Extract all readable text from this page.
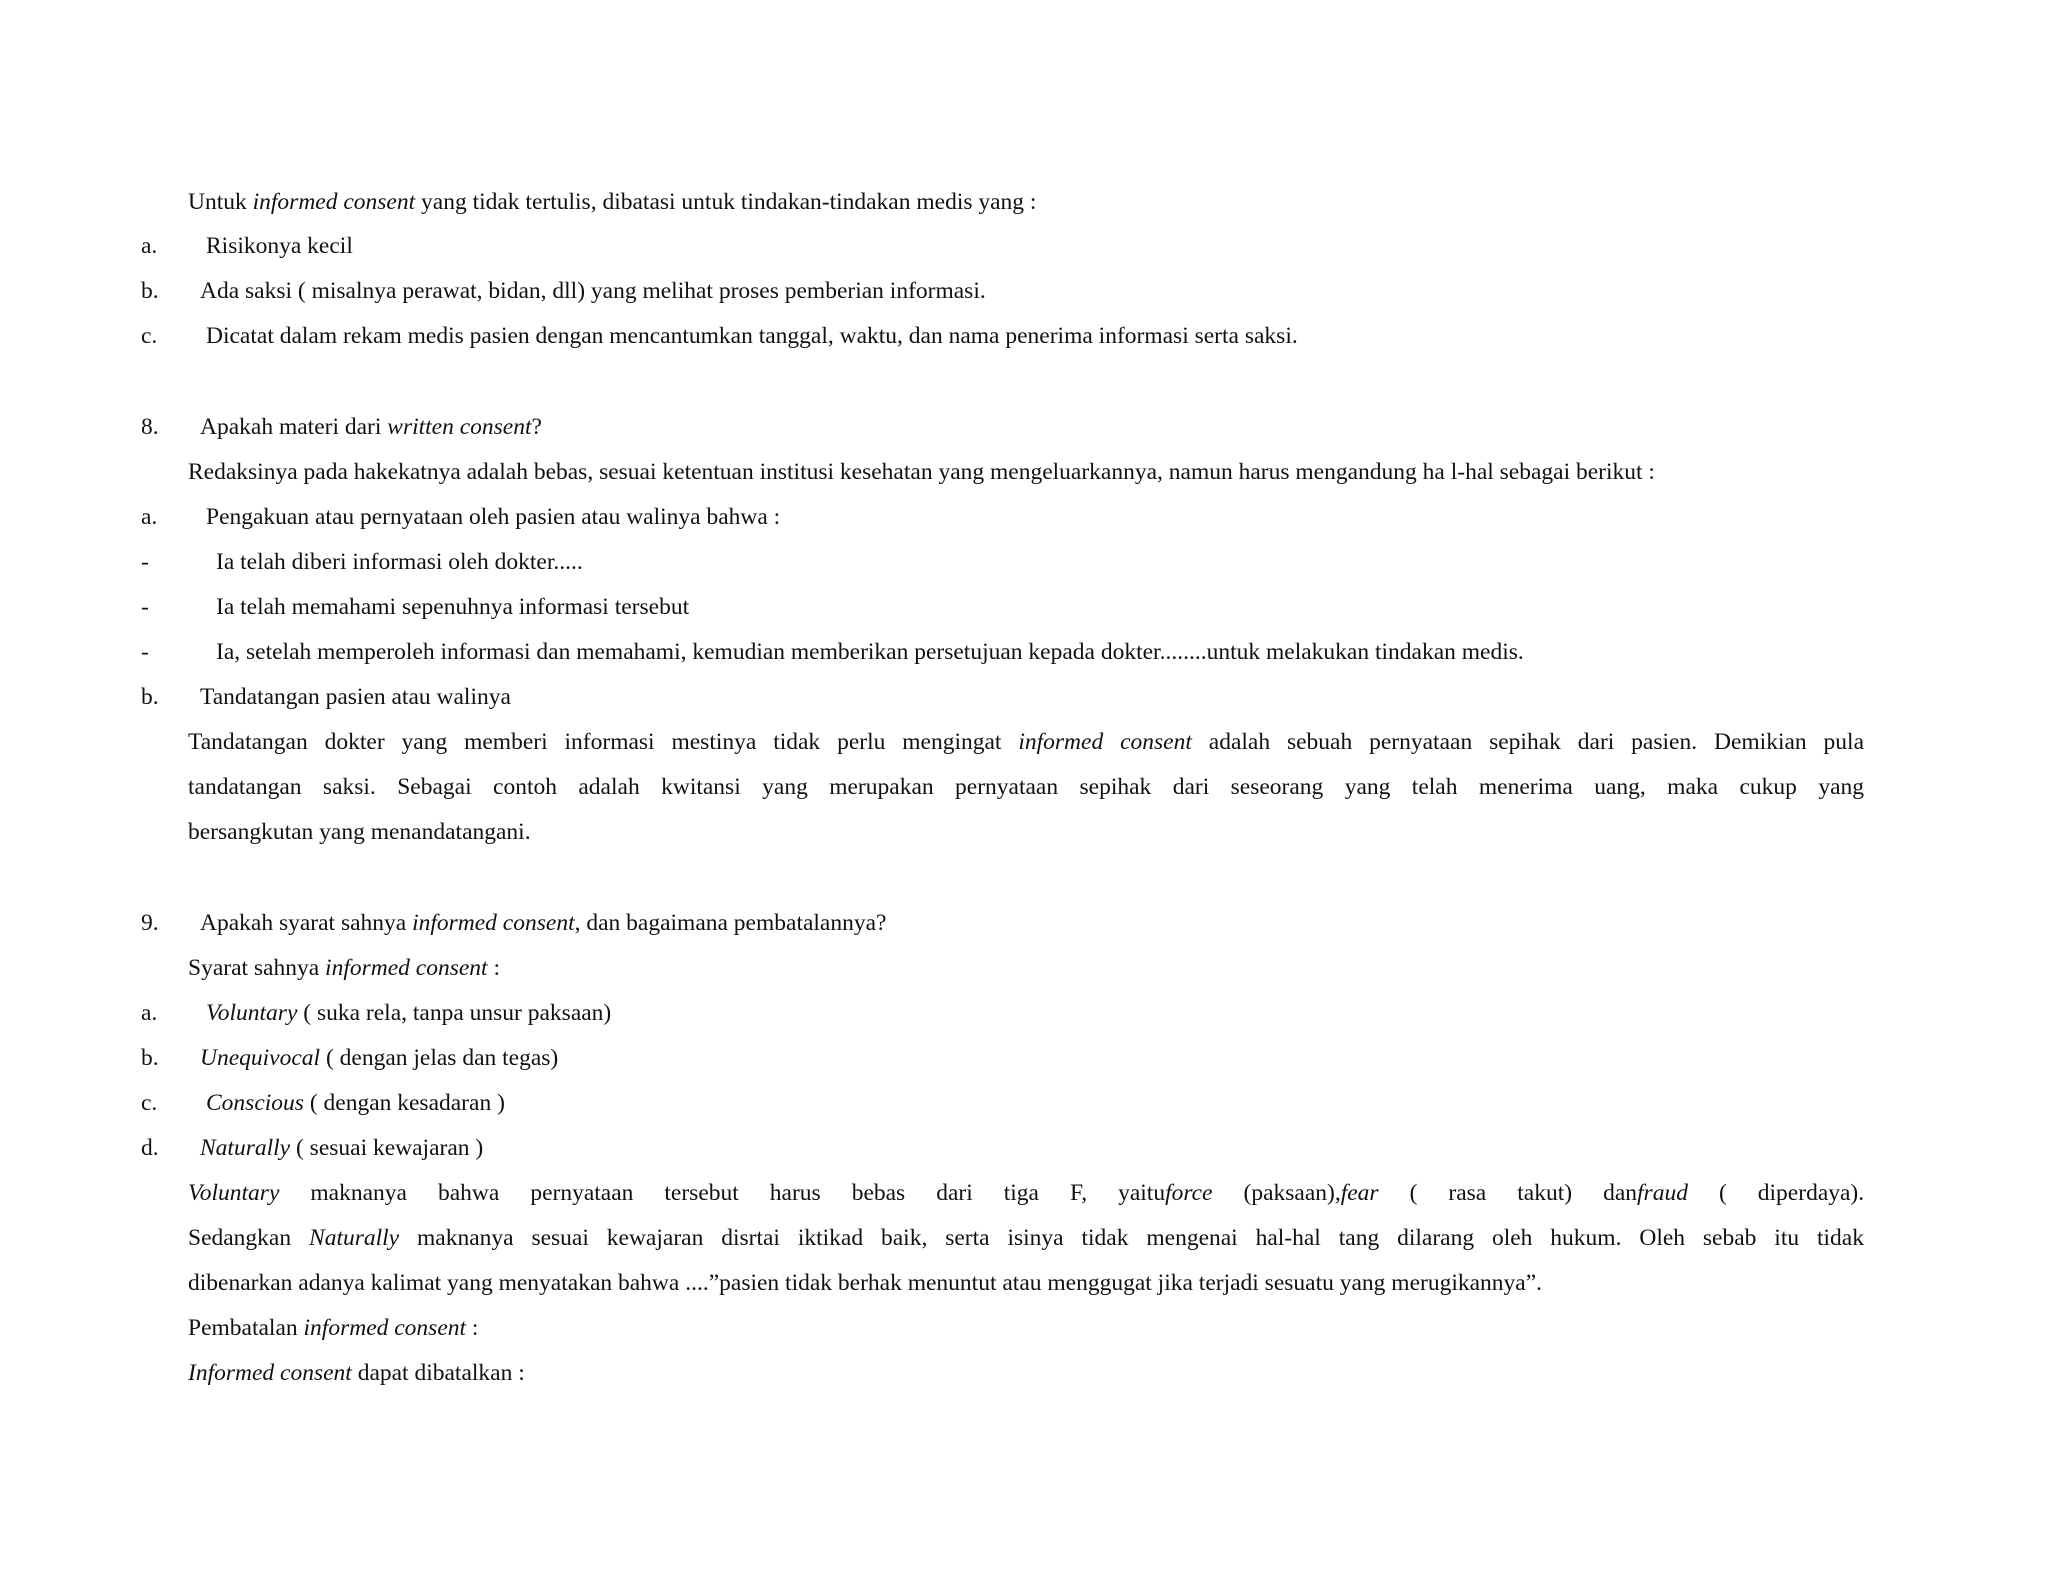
Untuk informed consent yang tidak tertulis, dibatasi untuk tindakan-tindakan medis yang :
a. Risikonya kecil
b. Ada saksi ( misalnya perawat, bidan, dll) yang melihat proses pemberian informasi.
c. Dicatat dalam rekam medis pasien dengan mencantumkan tanggal, waktu, dan nama penerima informasi serta saksi.
8. Apakah materi dari written consent?
Redaksinya pada hakekatnya adalah bebas, sesuai ketentuan institusi kesehatan yang mengeluarkannya, namun harus mengandung ha l-hal sebagai berikut :
a. Pengakuan atau pernyataan oleh pasien atau walinya bahwa :
-	Ia telah diberi informasi oleh dokter.....
-	Ia telah memahami sepenuhnya informasi tersebut
-	Ia, setelah memperoleh informasi dan memahami, kemudian memberikan persetujuan kepada dokter........untuk melakukan tindakan medis.
b. Tandatangan pasien atau walinya
Tandatangan dokter yang memberi informasi mestinya tidak perlu mengingat informed consent adalah sebuah pernyataan sepihak dari pasien. Demikian pula
tandatangan saksi. Sebagai contoh adalah kwitansi yang merupakan pernyataan sepihak dari seseorang yang telah menerima uang, maka cukup yang
bersangkutan yang menandatangani.
9. Apakah syarat sahnya informed consent, dan bagaimana pembatalannya?
Syarat sahnya informed consent :
a. Voluntary ( suka rela, tanpa unsur paksaan)
b. Unequivocal ( dengan jelas dan tegas)
c. Conscious ( dengan kesadaran )
d. Naturally ( sesuai kewajaran )
Voluntary maknanya bahwa pernyataan tersebut harus bebas dari tiga F, yaituforce (paksaan),fear ( rasa takut) danfraud ( diperdaya).
Sedangkan Naturally maknanya sesuai kewajaran disrtai iktikad baik, serta isinya tidak mengenai hal-hal tang dilarang oleh hukum. Oleh sebab itu tidak
dibenarkan adanya kalimat yang menyatakan bahwa ....”pasien tidak berhak menuntut atau menggugat jika terjadi sesuatu yang merugikannya”.
Pembatalan informed consent :
Informed consent dapat dibatalkan :
